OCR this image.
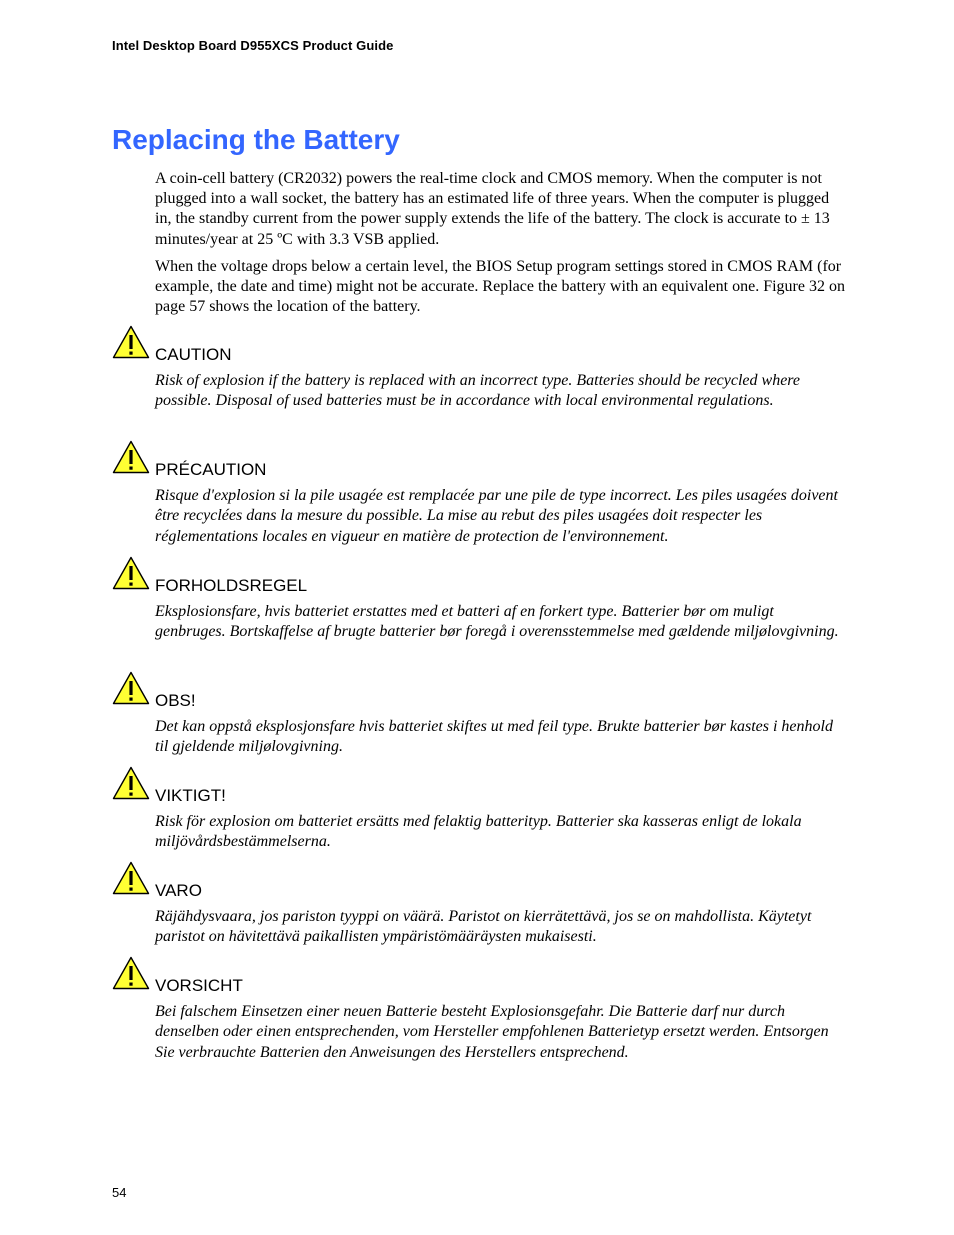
Intel Desktop Board D955XCS Product Guide
Replacing the Battery

A coin-cell battery (CR2032) powers the real-time clock and CMOS memory. When the computer is not plugged into a wall socket, the battery has an estimated life of three years. When the computer is plugged in, the standby current from the power supply extends the life of the battery. The clock is accurate to ± 13 minutes/year at 25 ºC with 3.3 VSB applied.

When the voltage drops below a certain level, the BIOS Setup program settings stored in CMOS RAM (for example, the date and time) might not be accurate. Replace the battery with an equivalent one. Figure 32 on page 57 shows the location of the battery.

CAUTION

Risk of explosion if the battery is replaced with an incorrect type. Batteries should be recycled where possible. Disposal of used batteries must be in accordance with local environmental regulations.

PRÉCAUTION

Risque d'explosion si la pile usagée est remplacée par une pile de type incorrect. Les piles usagées doivent être recyclées dans la mesure du possible. La mise au rebut des piles usagées doit respecter les réglementations locales en vigueur en matière de protection de l'environnement.

FORHOLDSREGEL

Eksplosionsfare, hvis batteriet erstattes med et batteri af en forkert type. Batterier bør om muligt genbruges. Bortskaffelse af brugte batterier bør foregå i overensstemmelse med gældende miljølovgivning.

OBS!

Det kan oppstå eksplosjonsfare hvis batteriet skiftes ut med feil type. Brukte batterier bør kastes i henhold til gjeldende miljølovgivning.

VIKTIGT!

Risk för explosion om batteriet ersätts med felaktig batterityp. Batterier ska kasseras enligt de lokala miljövårdsbestämmelserna.

VARO

Räjähdysvaara, jos pariston tyyppi on väärä. Paristot on kierrätettävä, jos se on mahdollista. Käytetyt paristot on hävitettävä paikallisten ympäristömääräysten mukaisesti.

VORSICHT

Bei falschem Einsetzen einer neuen Batterie besteht Explosionsgefahr. Die Batterie darf nur durch denselben oder einen entsprechenden, vom Hersteller empfohlenen Batterietyp ersetzt werden. Entsorgen Sie verbrauchte Batterien den Anweisungen des Herstellers entsprechend.

54
